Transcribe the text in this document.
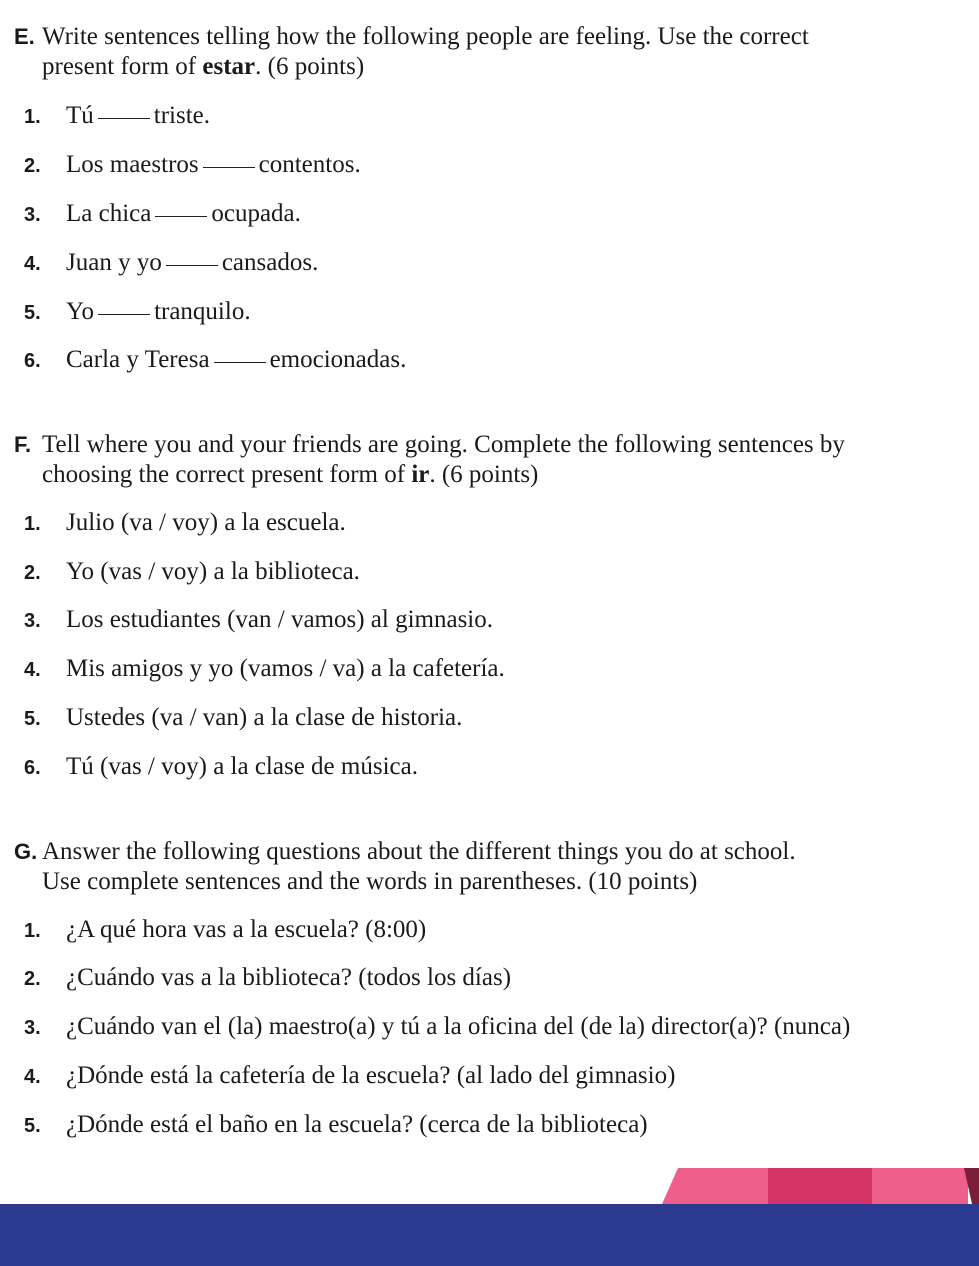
E. Write sentences telling how the following people are feeling. Use the correct
present form of estar. (6 points)

1. Tú triste.

2. Los maestros contentos.

3. La chica ocupada.

4. Juan y yo cansados.

5. Yo tranquilo.

6. Carla y Teresa emocionadas.

F. Tell where you and your friends are going. Complete the following sentences by
choosing the correct present form of ir. (6 points)

1. Julio (va / voy) a la escuela.

2. Yo (vas / voy) a la biblioteca.

3. Los estudiantes (van / vamos) al gimnasio.

4. Mis amigos y yo (vamos / va) a la cafetería.

5. Ustedes (va / van) a la clase de historia.

6. Tú (vas / voy) a la clase de música.

G. Answer the following questions about the different things you do at school.
Use complete sentences and the words in parentheses. (10 points)

1. ¿A qué hora vas a la escuela? (8:00)

2. ¿Cuándo vas a la biblioteca? (todos los días)

3. ¿Cuándo van el (la) maestro(a) y tú a la oficina del (de la) director(a)? (nunca)

4. ¿Dónde está la cafetería de la escuela? (al lado del gimnasio)

5. ¿Dónde está el baño en la escuela? (cerca de la biblioteca)
